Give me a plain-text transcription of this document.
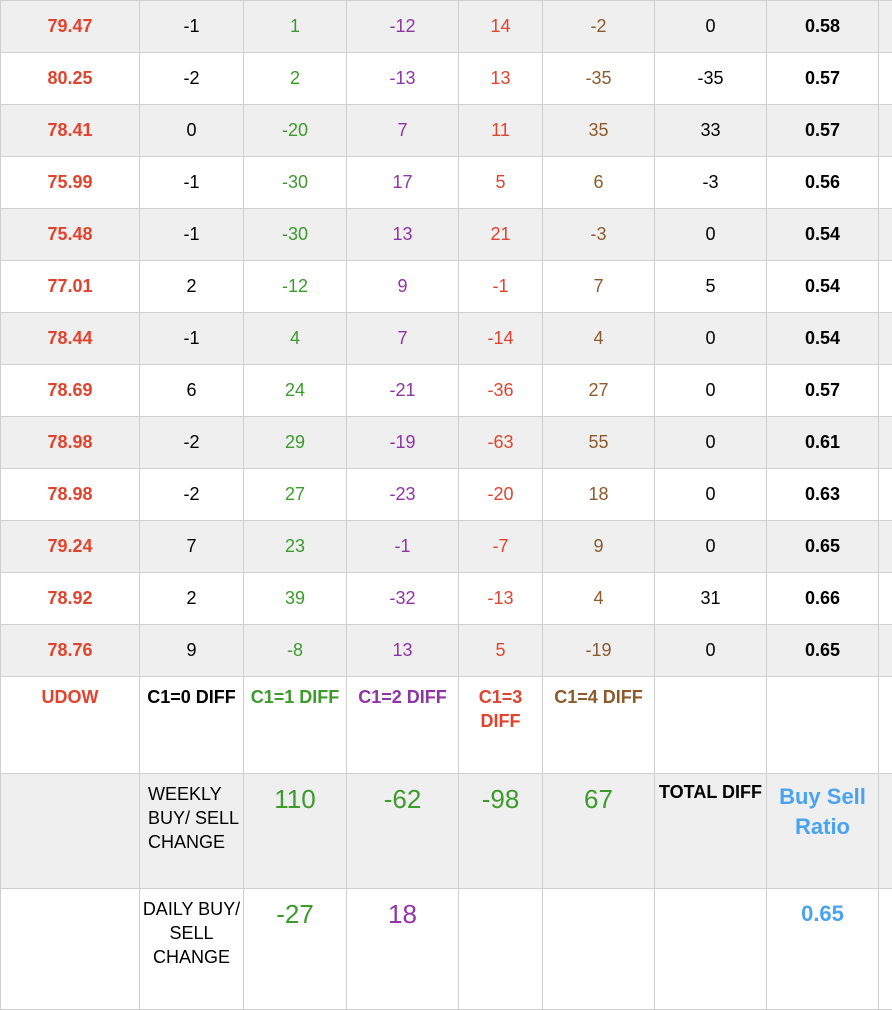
79.47	-1	1	-12	14	-2	0	0.58	
80.25	-2	2	-13	13	-35	-35	0.57	
78.41	0	-20	7	11	35	33	0.57	
75.99	-1	-30	17	5	6	-3	0.56	
75.48	-1	-30	13	21	-3	0	0.54	
77.01	2	-12	9	-1	7	5	0.54	
78.44	-1	4	7	-14	4	0	0.54	
78.69	6	24	-21	-36	27	0	0.57	
78.98	-2	29	-19	-63	55	0	0.61	
78.98	-2	27	-23	-20	18	0	0.63	
79.24	7	23	-1	-7	9	0	0.65	
78.92	2	39	-32	-13	4	31	0.66	
78.76	9	-8	13	5	-19	0	0.65	
UDOW	C1=0 DIFF	C1=1 DIFF	C1=2 DIFF	C1=3 DIFF	C1=4 DIFF			

	WEEKLY BUY/ SELL CHANGE	110	-62	-98	67	TOTAL DIFF	Buy Sell Ratio	

	DAILY BUY/ SELL CHANGE	-27	18				0.65	
